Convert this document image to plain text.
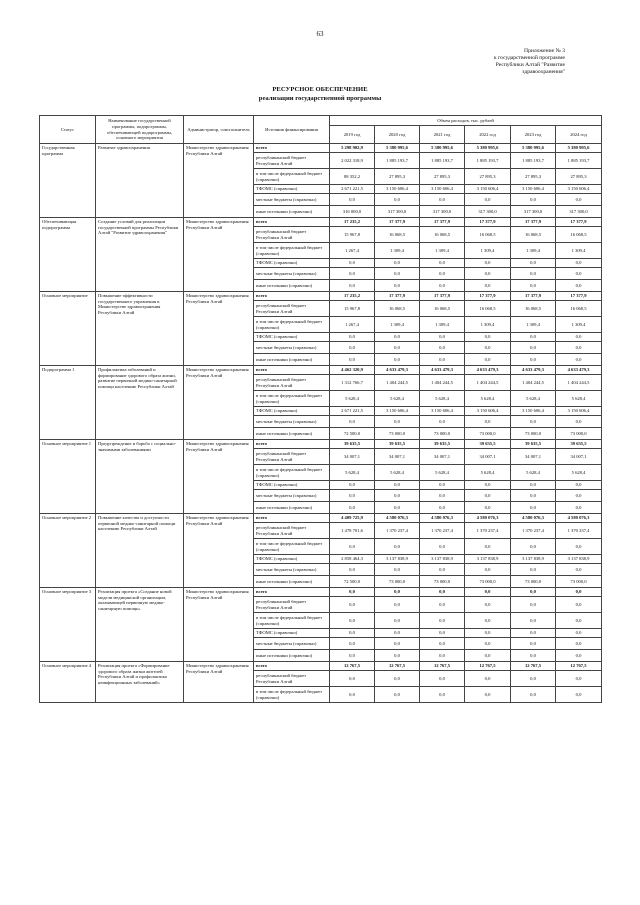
63
Приложение № 3
к государственной программе
Республики Алтай "Развитие
здравоохранения"
РЕСУРСНОЕ ОБЕСПЕЧЕНИЕ
реализации государственной программы
Статус	Наименование государственной программы, подпрограммы, обеспечивающей подпрограммы, основного мероприятия	Администратор, соисполнитель	Источник финансирования	Объем расходов, тыс. рублей					
				2019 год	2020 год	2021 год	2022 год	2023 год	2024 год
Государственная программа	Развитие здравоохранения	Министерство здравоохранения Республики Алтай	всего	5 298 902,9	5 380 995,6	5 380 995,6	5 380 995,6	5 380 995,6	5 380 995,6
			республиканский бюджет Республики Алтай	2 022 318,9	1 885 193,7	1 885 193,7	1 885 193,7	1 885 193,7	1 885 193,7
			в том числе федеральный бюджет (справочно)	88 352,2	27 895,3	27 895,3	27 895,3	27 895,3	27 895,3
			ТФОМС (справочно)	2 671 221,5	3 150 606,4	3 150 606,4	3 150 606,4	3 150 606,4	3 150 606,4
			местные бюджеты (справочно)	0,0	0,0	0,0	0,0	0,0	0,0
			иные источники (справочно)	316 000,0	317 300,0	317 300,0	317 300,0	317 300,0	317 300,0
Обеспечивающая подпрограмма	Создание условий для реализации государственной программы Республики Алтай "Развитие здравоохранения"	Министерство здравоохранения Республики Алтай	всего	17 235,2	17 377,9	17 377,9	17 377,9	17 377,9	17 377,9
			республиканский бюджет Республики Алтай	15 967,8	16 068,5	16 068,5	16 068,5	16 068,5	16 068,5
			в том числе федеральный бюджет (справочно)	1 267,4	1 309,4	1 309,4	1 309,4	1 309,4	1 309,4
			ТФОМС (справочно)	0,0	0,0	0,0	0,0	0,0	0,0
			местные бюджеты (справочно)	0,0	0,0	0,0	0,0	0,0	0,0
			иные источники (справочно)	0,0	0,0	0,0	0,0	0,0	0,0
Основное мероприятие	Повышение эффективности государственного управления в Министерстве здравоохранения Республики Алтай	Министерство здравоохранения Республики Алтай	всего	17 235,2	17 377,9	17 377,9	17 377,9	17 377,9	17 377,9
			республиканский бюджет Республики Алтай	15 967,8	16 068,5	16 068,5	16 068,5	16 068,5	16 068,5
			в том числе федеральный бюджет (справочно)	1 267,4	1 309,4	1 309,4	1 309,4	1 309,4	1 309,4
			ТФОМС (справочно)	0,0	0,0	0,0	0,0	0,0	0,0
			местные бюджеты (справочно)	0,0	0,0	0,0	0,0	0,0	0,0
			иные источники (справочно)	0,0	0,0	0,0	0,0	0,0	0,0
Подпрограмма 1	Профилактика заболеваний и формирование здорового образа жизни, развитие первичной медико-санитарной помощи населению Республики Алтай	Министерство здравоохранения Республики Алтай	всего	4 462 320,9	4 633 479,3	4 633 479,3	4 633 479,3	4 633 479,3	4 633 479,3
			республиканский бюджет Республики Алтай	1 312 766,7	1 404 244,5	1 404 244,5	1 404 244,5	1 404 244,5	1 404 244,5
			в том числе федеральный бюджет (справочно)	5 628,4	5 628,4	5 628,4	5 628,4	5 628,4	5 628,4
			ТФОМС (справочно)	2 671 221,5	3 150 606,4	3 150 606,4	3 150 606,4	3 150 606,4	3 150 606,4
			местные бюджеты (справочно)	0,0	0,0	0,0	0,0	0,0	0,0
			иные источники (справочно)	72 500,0	73 000,0	73 000,0	73 000,0	73 000,0	73 000,0
Основное мероприятие 1	Предупреждение и борьба с социально-значимыми заболеваниями	Министерство здравоохранения Республики Алтай	всего	39 635,5	39 635,5	39 635,5	39 635,5	39 635,5	39 635,5
			республиканский бюджет Республики Алтай	34 007,1	34 007,1	34 007,1	34 007,1	34 007,1	34 007,1
			в том числе федеральный бюджет (справочно)	5 628,4	5 628,4	5 628,4	5 628,4	5 628,4	5 628,4
			ТФОМС (справочно)	0,0	0,0	0,0	0,0	0,0	0,0
			местные бюджеты (справочно)	0,0	0,0	0,0	0,0	0,0	0,0
			иные источники (справочно)	0,0	0,0	0,0	0,0	0,0	0,0
Основное мероприятие 2	Повышение качества и доступности первичной медико-санитарной помощи населению Республики Алтай	Министерство здравоохранения Республики Алтай	всего	4 409 725,9	4 580 076,3	4 580 076,3	4 580 076,3	4 580 076,3	4 580 076,3
			республиканский бюджет Республики Алтай	1 478 701,6	1 370 237,4	1 370 237,4	1 370 237,4	1 370 237,4	1 370 237,4
			в том числе федеральный бюджет (справочно)	0,0	0,0	0,0	0,0	0,0	0,0
			ТФОМС (справочно)	2 858 464,3	3 137 838,9	3 137 838,9	3 137 838,9	3 137 838,9	3 137 838,9
			местные бюджеты (справочно)	0,0	0,0	0,0	0,0	0,0	0,0
			иные источники (справочно)	72 500,0	73 000,0	73 000,0	73 000,0	73 000,0	73 000,0
Основное мероприятие 3	Реализация проекта «Создание новой модели медицинской организации, оказывающей первичную медико-санитарную помощь»	Министерство здравоохранения Республики Алтай	всего	0,0	0,0	0,0	0,0	0,0	0,0
			республиканский бюджет Республики Алтай	0,0	0,0	0,0	0,0	0,0	0,0
			в том числе федеральный бюджет (справочно)	0,0	0,0	0,0	0,0	0,0	0,0
			ТФОМС (справочно)	0,0	0,0	0,0	0,0	0,0	0,0
			местные бюджеты (справочно)	0,0	0,0	0,0	0,0	0,0	0,0
			иные источники (справочно)	0,0	0,0	0,0	0,0	0,0	0,0
Основное мероприятие 4	Реализация проекта «Формирование здорового образа жизни жителей Республики Алтай и профилактика неинфекционных заболеваний»	Министерство здравоохранения Республики Алтай	всего	12 767,5	12 767,5	12 767,5	12 767,5	12 767,5	12 767,5
			республиканский бюджет Республики Алтай	0,0	0,0	0,0	0,0	0,0	0,0
			в том числе федеральный бюджет (справочно)	0,0	0,0	0,0	0,0	0,0	0,0
